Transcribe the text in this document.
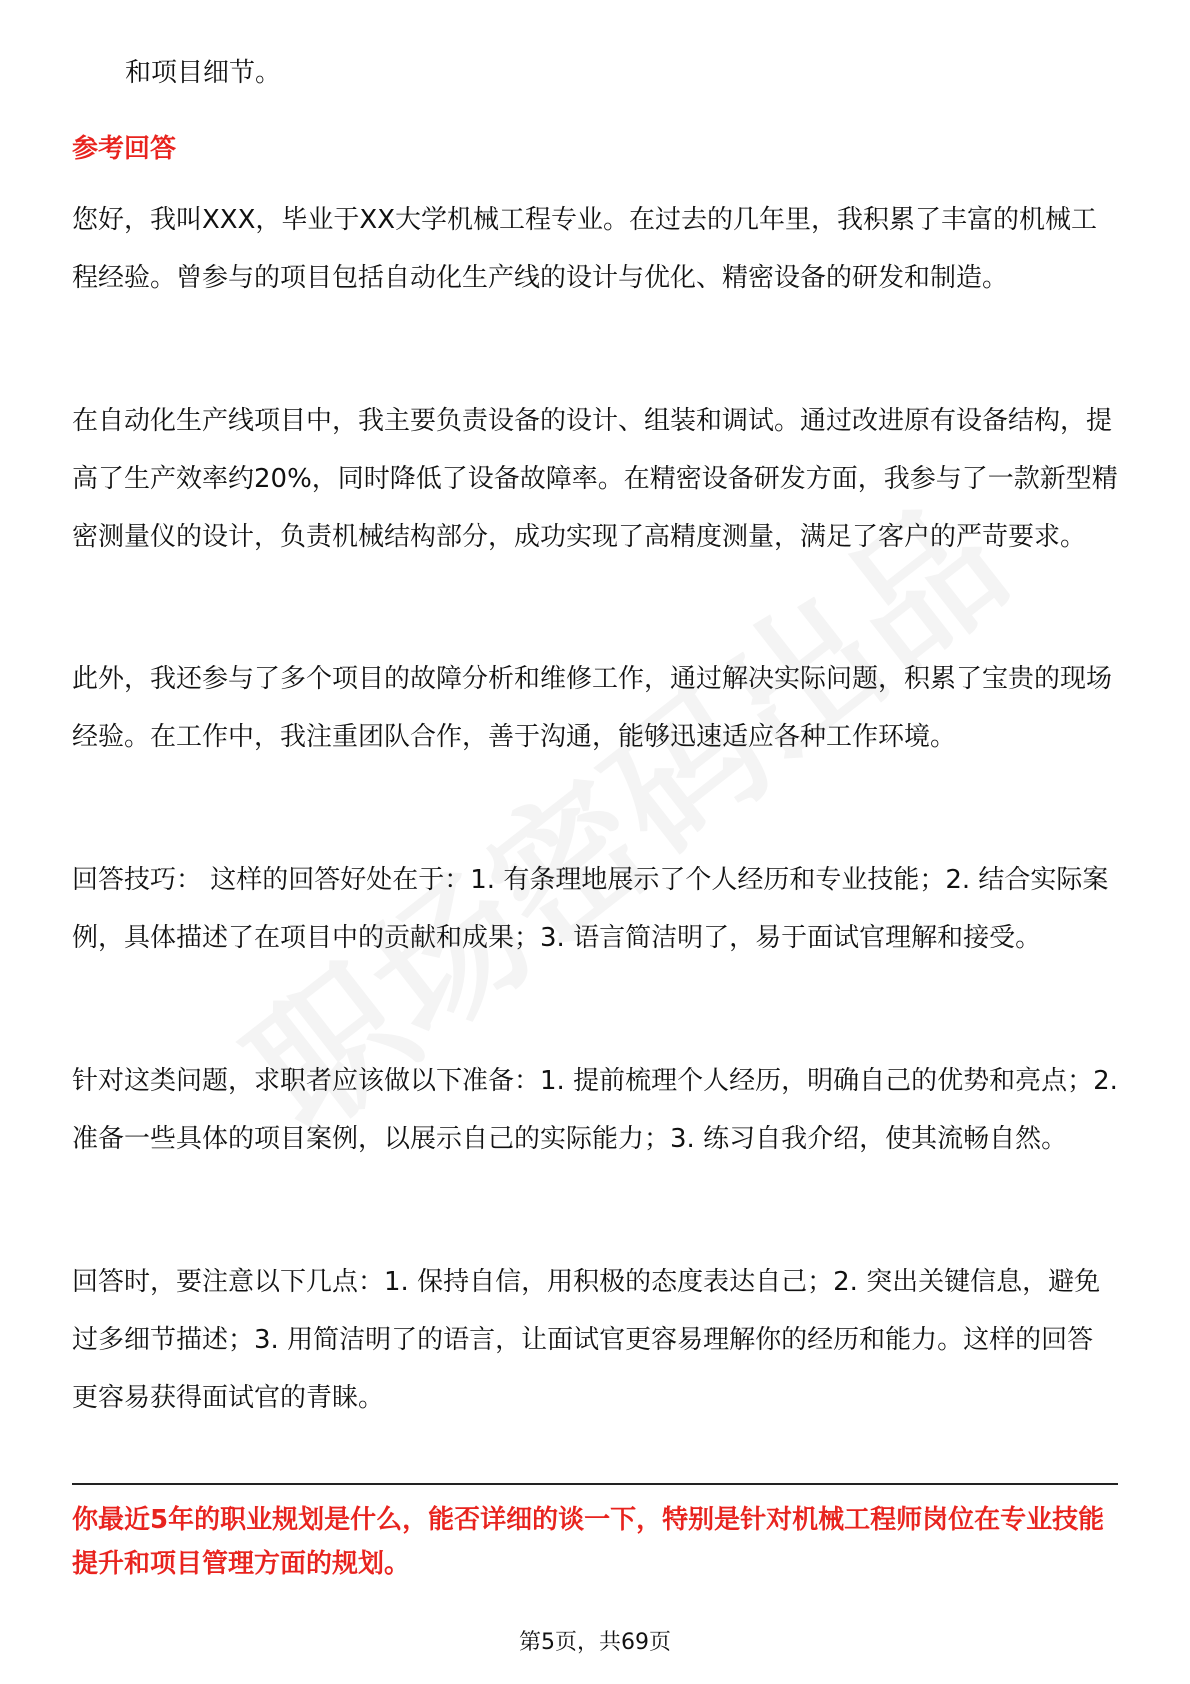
和项目细节。

参考回答

您好，我叫XXX，毕业于XX大学机械工程专业。在过去的几年里，我积累了丰富的机械工程经验。曾参与的项目包括自动化生产线的设计与优化、精密设备的研发和制造。

在自动化生产线项目中，我主要负责设备的设计、组装和调试。通过改进原有设备结构，提高了生产效率约20%，同时降低了设备故障率。在精密设备研发方面，我参与了一款新型精密测量仪的设计，负责机械结构部分，成功实现了高精度测量，满足了客户的严苛要求。

此外，我还参与了多个项目的故障分析和维修工作，通过解决实际问题，积累了宝贵的现场经验。在工作中，我注重团队合作，善于沟通，能够迅速适应各种工作环境。

回答技巧： 这样的回答好处在于：1. 有条理地展示了个人经历和专业技能；2. 结合实际案例，具体描述了在项目中的贡献和成果；3. 语言简洁明了，易于面试官理解和接受。

针对这类问题，求职者应该做以下准备：1. 提前梳理个人经历，明确自己的优势和亮点；2. 准备一些具体的项目案例，以展示自己的实际能力；3. 练习自我介绍，使其流畅自然。

回答时，要注意以下几点：1. 保持自信，用积极的态度表达自己；2. 突出关键信息，避免过多细节描述；3. 用简洁明了的语言，让面试官更容易理解你的经历和能力。这样的回答更容易获得面试官的青睐。

你最近5年的职业规划是什么，能否详细的谈一下，特别是针对机械工程师岗位在专业技能提升和项目管理方面的规划。

第5页，共69页
